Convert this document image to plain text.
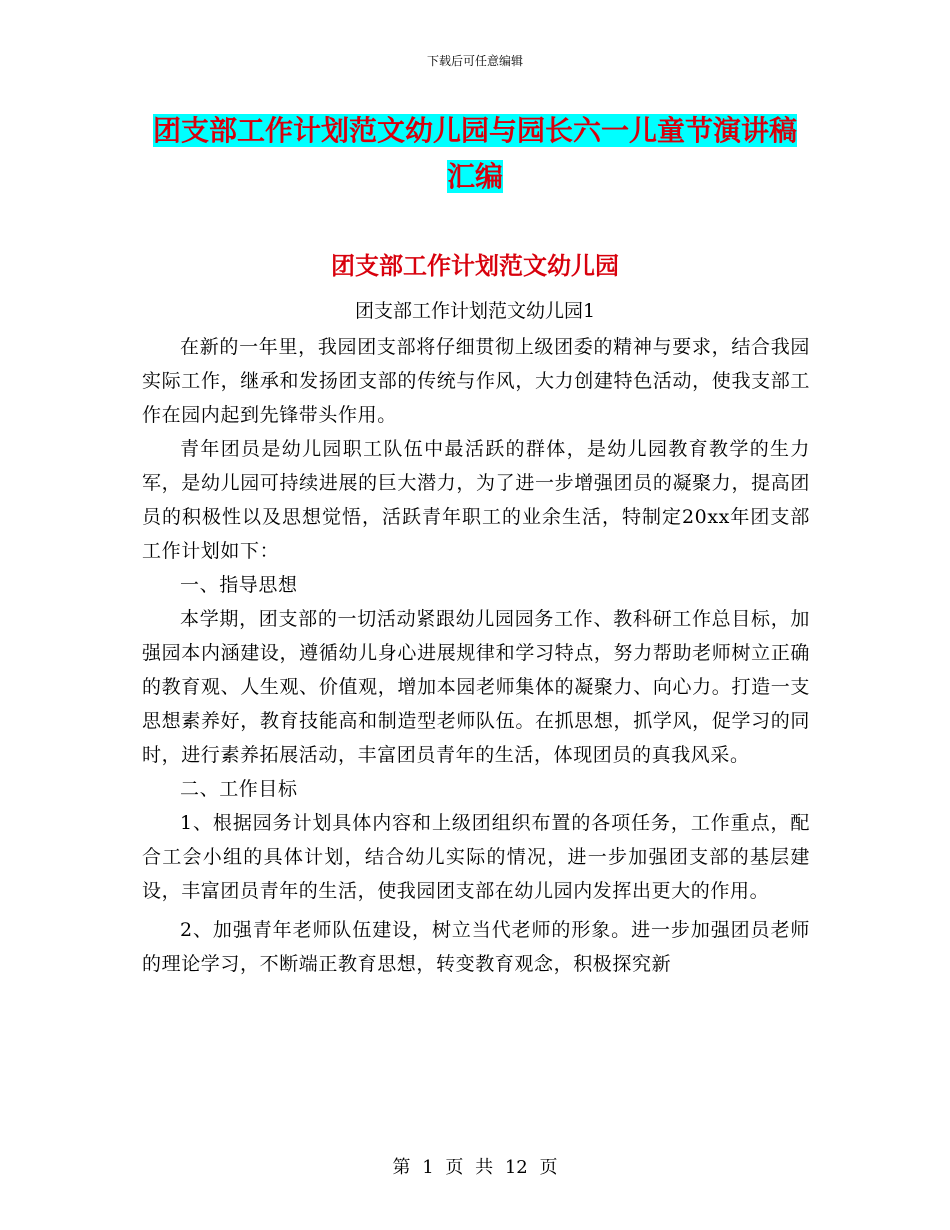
下载后可任意编辑
团支部工作计划范文幼儿园与园长六一儿童节演讲稿
汇编
团支部工作计划范文幼儿园
团支部工作计划范文幼儿园1

在新的一年里，我园团支部将仔细贯彻上级团委的精神与要求，结合我园实际工作，继承和发扬团支部的传统与作风，大力创建特色活动，使我支部工作在园内起到先锋带头作用。

青年团员是幼儿园职工队伍中最活跃的群体，是幼儿园教育教学的生力军，是幼儿园可持续进展的巨大潜力，为了进一步增强团员的凝聚力，提高团员的积极性以及思想觉悟，活跃青年职工的业余生活，特制定20xx年团支部工作计划如下：

一、指导思想

本学期，团支部的一切活动紧跟幼儿园园务工作、教科研工作总目标，加强园本内涵建设，遵循幼儿身心进展规律和学习特点，努力帮助老师树立正确的教育观、人生观、价值观，增加本园老师集体的凝聚力、向心力。打造一支思想素养好，教育技能高和制造型老师队伍。在抓思想，抓学风，促学习的同时，进行素养拓展活动，丰富团员青年的生活，体现团员的真我风采。

二、工作目标

1、根据园务计划具体内容和上级团组织布置的各项任务，工作重点，配合工会小组的具体计划，结合幼儿实际的情况，进一步加强团支部的基层建设，丰富团员青年的生活，使我园团支部在幼儿园内发挥出更大的作用。

2、加强青年老师队伍建设，树立当代老师的形象。进一步加强团员老师的理论学习，不断端正教育思想，转变教育观念，积极探究新

第 1 页 共 12 页
